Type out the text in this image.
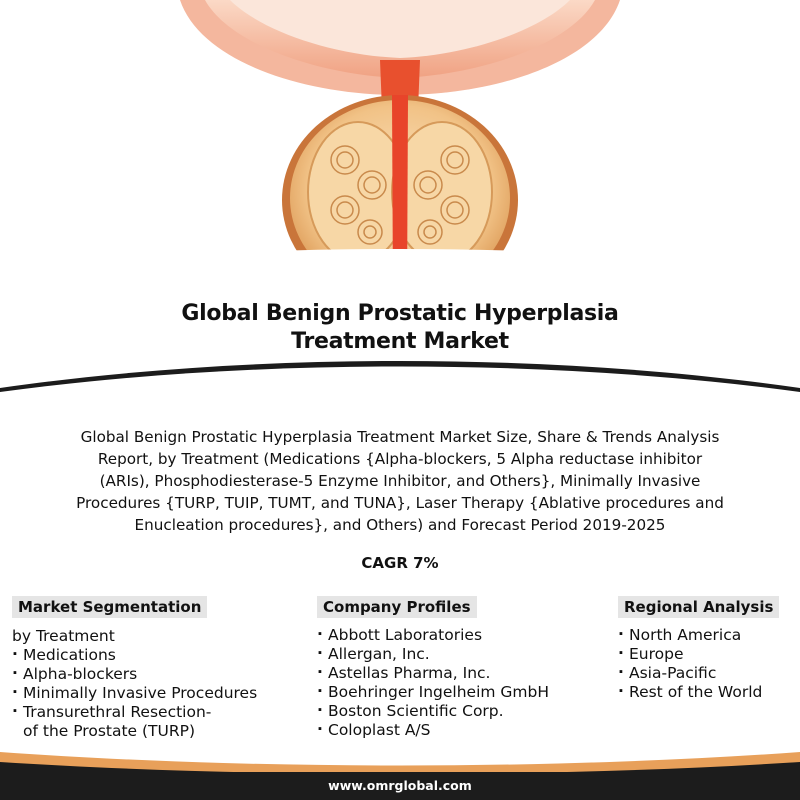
Global Benign Prostatic Hyperplasia
Treatment Market
Global Benign Prostatic Hyperplasia Treatment Market Size, Share & Trends Analysis
Report, by Treatment (Medications {Alpha-blockers, 5 Alpha reductase inhibitor
(ARIs), Phosphodiesterase-5 Enzyme Inhibitor, and Others}, Minimally Invasive
Procedures {TURP, TUIP, TUMT, and TUNA}, Laser Therapy {Ablative procedures and
Enucleation procedures}, and Others) and Forecast Period 2019-2025
CAGR 7%
Market Segmentation
by Treatment
· Medications
· Alpha-blockers
· Minimally Invasive Procedures
· Transurethral Resection-
of the Prostate (TURP)
Company Profiles
· Abbott Laboratories
· Allergan, Inc.
· Astellas Pharma, Inc.
· Boehringer Ingelheim GmbH
· Boston Scientific Corp.
· Coloplast A/S
Regional Analysis
· North America
· Europe
· Asia-Pacific
· Rest of the World
www.omrglobal.com
